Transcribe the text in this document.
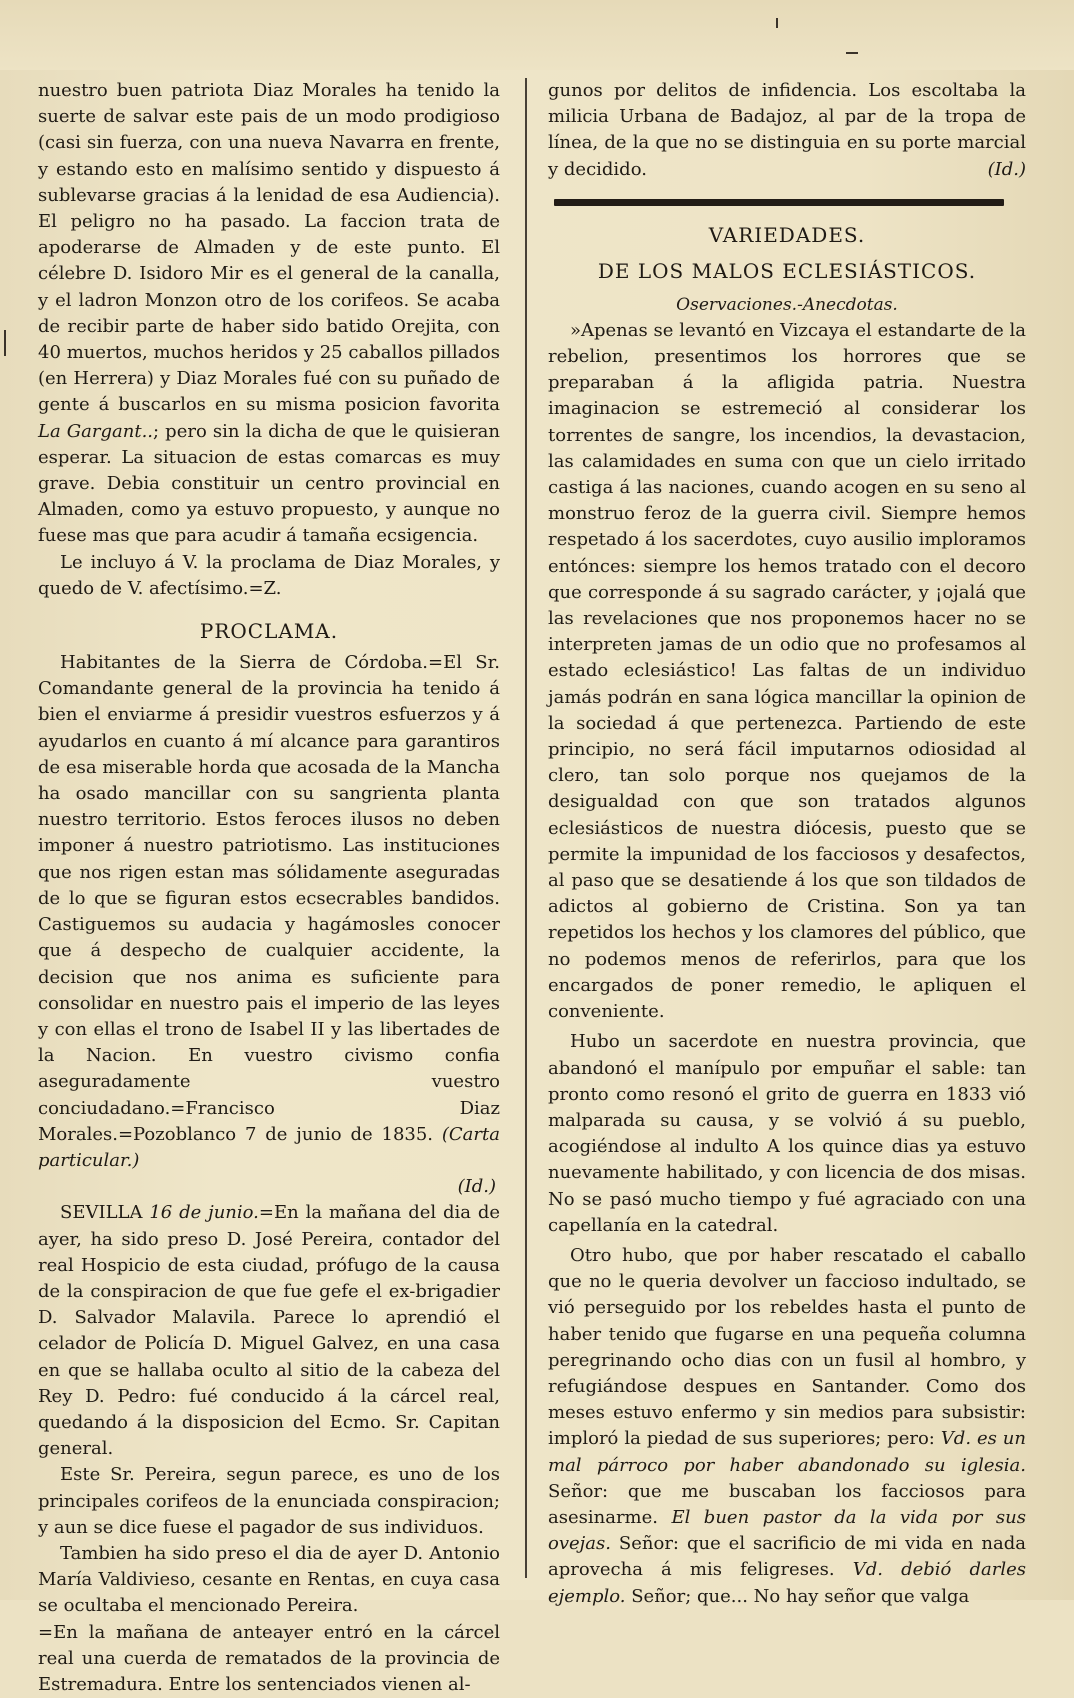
nuestro buen patriota Diaz Morales ha tenido la suerte de salvar este pais de un modo prodigioso (casi sin fuerza, con una nueva Navarra en frente, y estando esto en malísimo sentido y dispuesto á sublevarse gracias á la lenidad de esa Audiencia). El peligro no ha pasado. La faccion trata de apoderarse de Almaden y de este punto. El célebre D. Isidoro Mir es el general de la canalla, y el ladron Monzon otro de los corifeos. Se acaba de recibir parte de haber sido batido Orejita, con 40 muertos, muchos heridos y 25 caballos pillados (en Herrera) y Diaz Morales fué con su puñado de gente á buscarlos en su misma posicion favorita La Gargant..; pero sin la dicha de que le quisieran esperar. La situacion de estas comarcas es muy grave. Debia constituir un centro provincial en Almaden, como ya estuvo propuesto, y aunque no fuese mas que para acudir á tamaña ecsigencia.

Le incluyo á V. la proclama de Diaz Morales, y quedo de V. afectísimo.=Z.

PROCLAMA.

Habitantes de la Sierra de Córdoba.=El Sr. Comandante general de la provincia ha tenido á bien el enviarme á presidir vuestros esfuerzos y á ayudarlos en cuanto á mí alcance para garantiros de esa miserable horda que acosada de la Mancha ha osado mancillar con su sangrienta planta nuestro territorio. Estos feroces ilusos no deben imponer á nuestro patriotismo. Las instituciones que nos rigen estan mas sólidamente aseguradas de lo que se figuran estos ecsecrables bandidos. Castiguemos su audacia y hagámosles conocer que á despecho de cualquier accidente, la decision que nos anima es suficiente para consolidar en nuestro pais el imperio de las leyes y con ellas el trono de Isabel II y las libertades de la Nacion. En vuestro civismo confia aseguradamente vuestro conciudadano.=Francisco Diaz Morales.=Pozoblanco 7 de junio de 1835. (Carta particular.)

(Id.)

SEVILLA 16 de junio.=En la mañana del dia de ayer, ha sido preso D. José Pereira, contador del real Hospicio de esta ciudad, prófugo de la causa de la conspiracion de que fue gefe el ex-brigadier D. Salvador Malavila. Parece lo aprendió el celador de Policía D. Miguel Galvez, en una casa en que se hallaba oculto al sitio de la cabeza del Rey D. Pedro: fué conducido á la cárcel real, quedando á la disposicion del Ecmo. Sr. Capitan general.

Este Sr. Pereira, segun parece, es uno de los principales corifeos de la enunciada conspiracion; y aun se dice fuese el pagador de sus individuos.

Tambien ha sido preso el dia de ayer D. Antonio María Valdivieso, cesante en Rentas, en cuya casa se ocultaba el mencionado Pereira.

=En la mañana de anteayer entró en la cárcel real una cuerda de rematados de la provincia de Estremadura. Entre los sentenciados vienen al-

gunos por delitos de infidencia. Los escoltaba la milicia Urbana de Badajoz, al par de la tropa de línea, de la que no se distinguia en su porte marcial y decidido.	(Id.)

VARIEDADES.
DE LOS MALOS ECLESIÁSTICOS.
Oservaciones.-Anecdotas.

»Apenas se levantó en Vizcaya el estandarte de la rebelion, presentimos los horrores que se preparaban á la afligida patria. Nuestra imaginacion se estremeció al considerar los torrentes de sangre, los incendios, la devastacion, las calamidades en suma con que un cielo irritado castiga á las naciones, cuando acogen en su seno al monstruo feroz de la guerra civil. Siempre hemos respetado á los sacerdotes, cuyo ausilio imploramos entónces: siempre los hemos tratado con el decoro que corresponde á su sagrado carácter, y ¡ojalá que las revelaciones que nos proponemos hacer no se interpreten jamas de un odio que no profesamos al estado eclesiástico! Las faltas de un individuo jamás podrán en sana lógica mancillar la opinion de la sociedad á que pertenezca. Partiendo de este principio, no será fácil imputarnos odiosidad al clero, tan solo porque nos quejamos de la desigualdad con que son tratados algunos eclesiásticos de nuestra diócesis, puesto que se permite la impunidad de los facciosos y desafectos, al paso que se desatiende á los que son tildados de adictos al gobierno de Cristina. Son ya tan repetidos los hechos y los clamores del público, que no podemos menos de referirlos, para que los encargados de poner remedio, le apliquen el conveniente.

Hubo un sacerdote en nuestra provincia, que abandonó el manípulo por empuñar el sable: tan pronto como resonó el grito de guerra en 1833 vió malparada su causa, y se volvió á su pueblo, acogiéndose al indulto A los quince dias ya estuvo nuevamente habilitado, y con licencia de dos misas. No se pasó mucho tiempo y fué agraciado con una capellanía en la catedral.

Otro hubo, que por haber rescatado el caballo que no le queria devolver un faccioso indultado, se vió perseguido por los rebeldes hasta el punto de haber tenido que fugarse en una pequeña columna peregrinando ocho dias con un fusil al hombro, y refugiándose despues en Santander. Como dos meses estuvo enfermo y sin medios para subsistir: imploró la piedad de sus superiores; pero: Vd. es un mal párroco por haber abandonado su iglesia. Señor: que me buscaban los facciosos para asesinarme. El buen pastor da la vida por sus ovejas. Señor: que el sacrificio de mi vida en nada aprovecha á mis feligreses. Vd. debió darles ejemplo. Señor; que... No hay señor que valga
